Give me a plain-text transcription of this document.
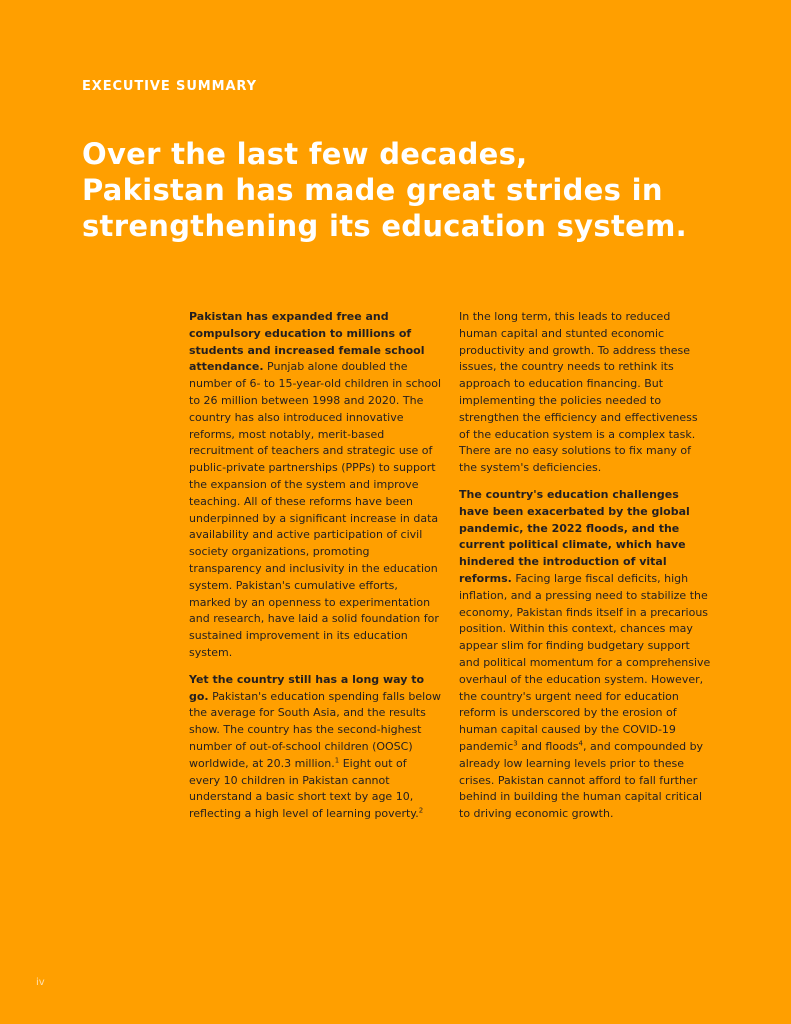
EXECUTIVE SUMMARY
Over the last few decades,
Pakistan has made great strides in
strengthening its education system.

Pakistan has expanded free and compulsory education to millions of students and increased female school attendance. Punjab alone doubled the number of 6- to 15-year-old children in school to 26 million between 1998 and 2020. The country has also introduced innovative reforms, most notably, merit-based recruitment of teachers and strategic use of public-private partnerships (PPPs) to support the expansion of the system and improve teaching. All of these reforms have been underpinned by a significant increase in data availability and active participation of civil society organizations, promoting transparency and inclusivity in the education system. Pakistan's cumulative efforts, marked by an openness to experimentation and research, have laid a solid foundation for sustained improvement in its education system.

Yet the country still has a long way to go. Pakistan's education spending falls below the average for South Asia, and the results show. The country has the second-highest number of out-of-school children (OOSC) worldwide, at 20.3 million.$^1$ Eight out of every 10 children in Pakistan cannot understand a basic short text by age 10, reflecting a high level of learning poverty.$^2$

In the long term, this leads to reduced human capital and stunted economic productivity and growth. To address these issues, the country needs to rethink its approach to education financing. But implementing the policies needed to strengthen the efficiency and effectiveness of the education system is a complex task. There are no easy solutions to fix many of the system's deficiencies.

The country's education challenges have been exacerbated by the global pandemic, the 2022 floods, and the current political climate, which have hindered the introduction of vital reforms. Facing large fiscal deficits, high inflation, and a pressing need to stabilize the economy, Pakistan finds itself in a precarious position. Within this context, chances may appear slim for finding budgetary support and political momentum for a comprehensive overhaul of the education system. However, the country's urgent need for education reform is underscored by the erosion of human capital caused by the COVID-19 pandemic$^3$ and floods$^4$, and compounded by already low learning levels prior to these crises. Pakistan cannot afford to fall further behind in building the human capital critical to driving economic growth.

iv
